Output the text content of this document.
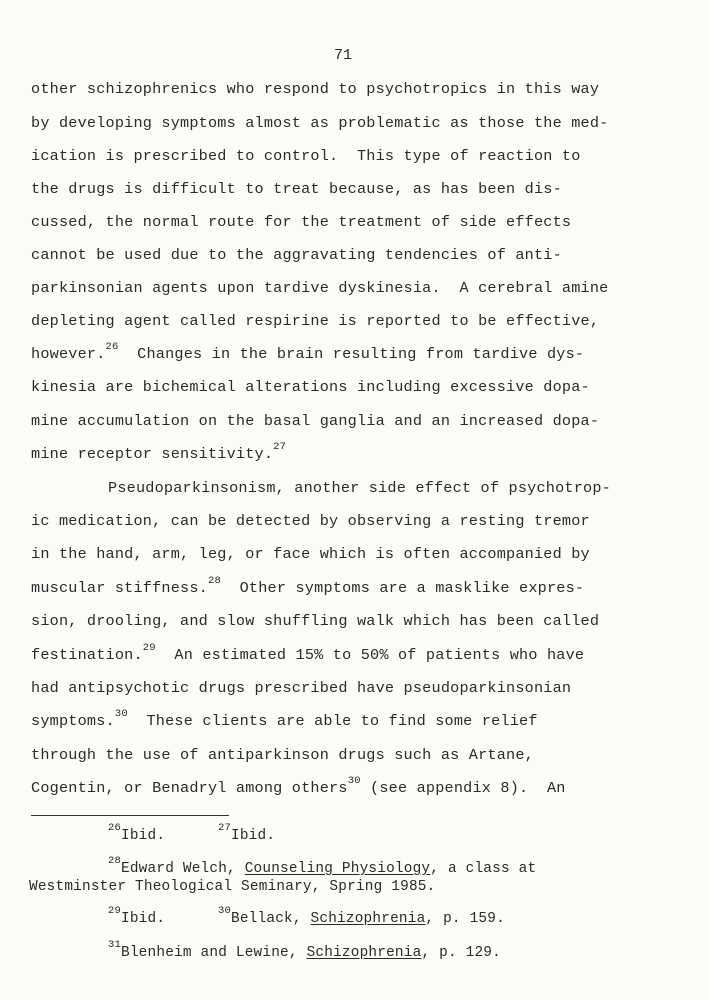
71
other schizophrenics who respond to psychotropics in this way
by developing symptoms almost as problematic as those the med-
ication is prescribed to control.  This type of reaction to
the drugs is difficult to treat because, as has been dis-
cussed, the normal route for the treatment of side effects
cannot be used due to the aggravating tendencies of anti-
parkinsonian agents upon tardive dyskinesia.  A cerebral amine
depleting agent called respirine is reported to be effective,
however.$^{26}$  Changes in the brain resulting from tardive dys-
kinesia are bichemical alterations including excessive dopa-
mine accumulation on the basal ganglia and an increased dopa-
mine receptor sensitivity.$^{27}$
Pseudoparkinsonism, another side effect of psychotrop-
ic medication, can be detected by observing a resting tremor
in the hand, arm, leg, or face which is often accompanied by
muscular stiffness.$^{28}$  Other symptoms are a masklike expres-
sion, drooling, and slow shuffling walk which has been called
festination.$^{29}$  An estimated 15% to 50% of patients who have
had antipsychotic drugs prescribed have pseudoparkinsonian
symptoms.$^{30}$  These clients are able to find some relief
through the use of antiparkinson drugs such as Artane,
Cogentin, or Benadryl among others$^{30}$ (see appendix 8).  An
$^{26}$Ibid.	$^{27}$Ibid.
$^{28}$Edward Welch, Counseling Physiology, a class at
Westminster Theological Seminary, Spring 1985.
$^{29}$Ibid.	$^{30}$Bellack, Schizophrenia, p. 159.
$^{31}$Blenheim and Lewine, Schizophrenia, p. 129.
